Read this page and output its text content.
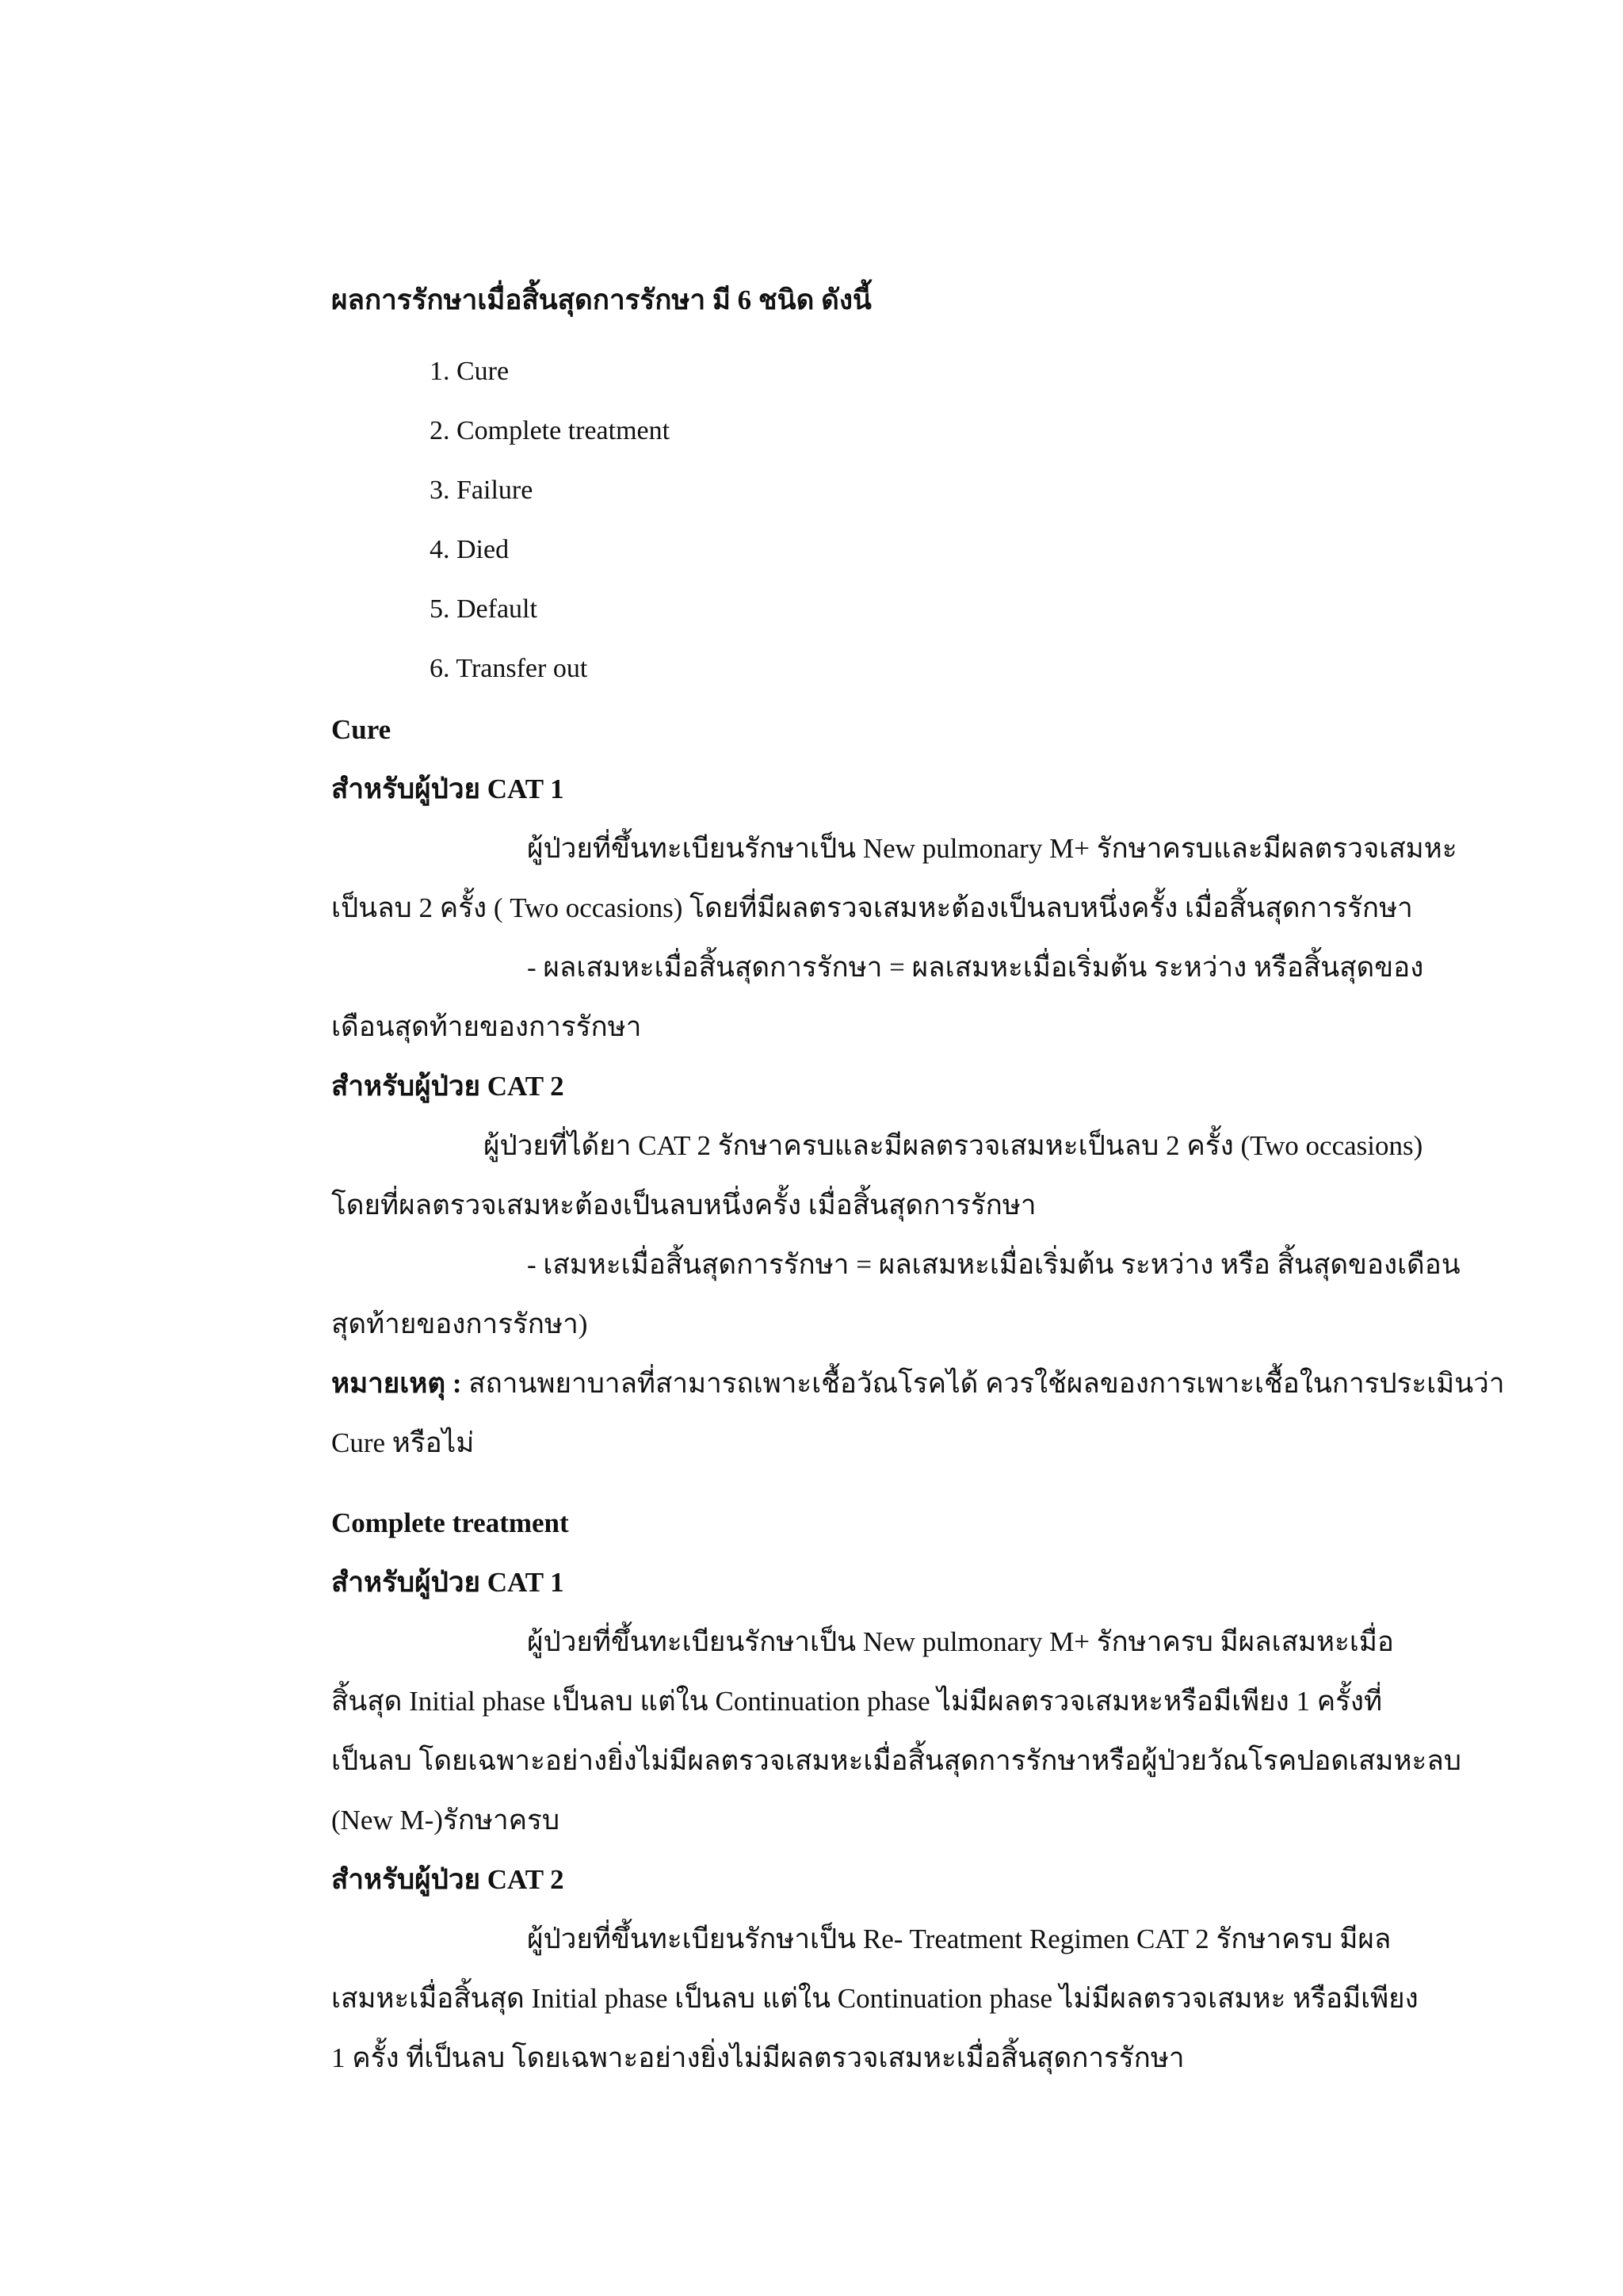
ผลการรักษาเมื่อสิ้นสุดการรักษา มี 6 ชนิด ดังนี้
1. Cure
2. Complete treatment
3. Failure
4. Died
5. Default
6. Transfer out
Cure
สำหรับผู้ป่วย CAT 1
ผู้ป่วยที่ขึ้นทะเบียนรักษาเป็น New pulmonary M+ รักษาครบและมีผลตรวจเสมหะ
เป็นลบ 2 ครั้ง ( Two occasions) โดยที่มีผลตรวจเสมหะต้องเป็นลบหนึ่งครั้ง เมื่อสิ้นสุดการรักษา
- ผลเสมหะเมื่อสิ้นสุดการรักษา = ผลเสมหะเมื่อเริ่มต้น ระหว่าง หรือสิ้นสุดของ
เดือนสุดท้ายของการรักษา
สำหรับผู้ป่วย CAT 2
ผู้ป่วยที่ได้ยา CAT 2 รักษาครบและมีผลตรวจเสมหะเป็นลบ 2 ครั้ง (Two occasions)
โดยที่ผลตรวจเสมหะต้องเป็นลบหนึ่งครั้ง เมื่อสิ้นสุดการรักษา
- เสมหะเมื่อสิ้นสุดการรักษา = ผลเสมหะเมื่อเริ่มต้น ระหว่าง หรือ สิ้นสุดของเดือน
สุดท้ายของการรักษา)
หมายเหตุ : สถานพยาบาลที่สามารถเพาะเชื้อวัณโรคได้ ควรใช้ผลของการเพาะเชื้อในการประเมินว่า
Cure หรือไม่
Complete treatment
สำหรับผู้ป่วย CAT 1
ผู้ป่วยที่ขึ้นทะเบียนรักษาเป็น New pulmonary M+ รักษาครบ มีผลเสมหะเมื่อ
สิ้นสุด Initial phase เป็นลบ แต่ใน Continuation phase ไม่มีผลตรวจเสมหะหรือมีเพียง 1 ครั้งที่
เป็นลบ โดยเฉพาะอย่างยิ่งไม่มีผลตรวจเสมหะเมื่อสิ้นสุดการรักษาหรือผู้ป่วยวัณโรคปอดเสมหะลบ
(New M-)รักษาครบ
สำหรับผู้ป่วย CAT 2
ผู้ป่วยที่ขึ้นทะเบียนรักษาเป็น Re- Treatment Regimen CAT 2 รักษาครบ มีผล
เสมหะเมื่อสิ้นสุด Initial phase เป็นลบ แต่ใน Continuation phase ไม่มีผลตรวจเสมหะ หรือมีเพียง
1 ครั้ง ที่เป็นลบ โดยเฉพาะอย่างยิ่งไม่มีผลตรวจเสมหะเมื่อสิ้นสุดการรักษา
